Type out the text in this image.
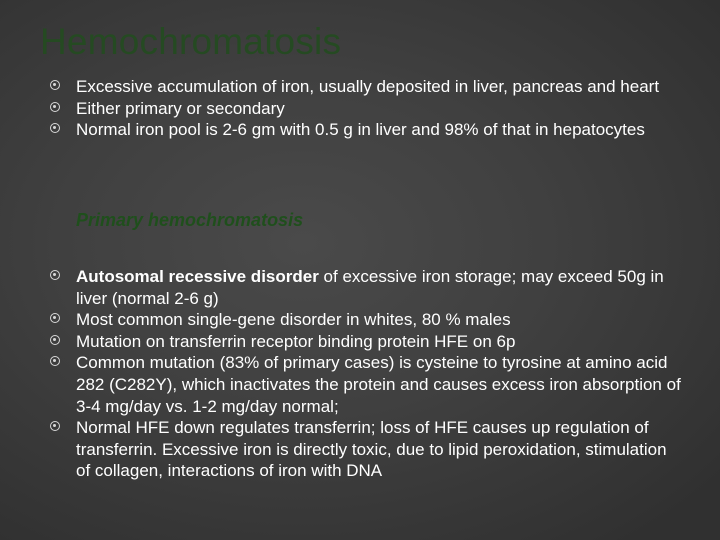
Hemochromatosis
Excessive accumulation of iron, usually deposited in liver, pancreas and heart
Either primary or secondary
Normal iron pool is 2-6 gm with 0.5 g in liver and 98% of that in hepatocytes
Primary hemochromatosis
Autosomal recessive disorder of excessive iron storage; may exceed 50g in liver (normal 2-6 g)
Most common single-gene disorder in whites, 80 % males
Mutation on transferrin receptor binding protein HFE on 6p
Common mutation (83% of primary cases) is cysteine to tyrosine at amino acid 282 (C282Y), which inactivates the protein and causes excess iron absorption of 3-4 mg/day vs. 1-2 mg/day normal;
Normal HFE down regulates transferrin; loss of HFE causes up regulation of transferrin. Excessive iron is directly toxic, due to lipid peroxidation, stimulation of collagen, interactions of iron with DNA
